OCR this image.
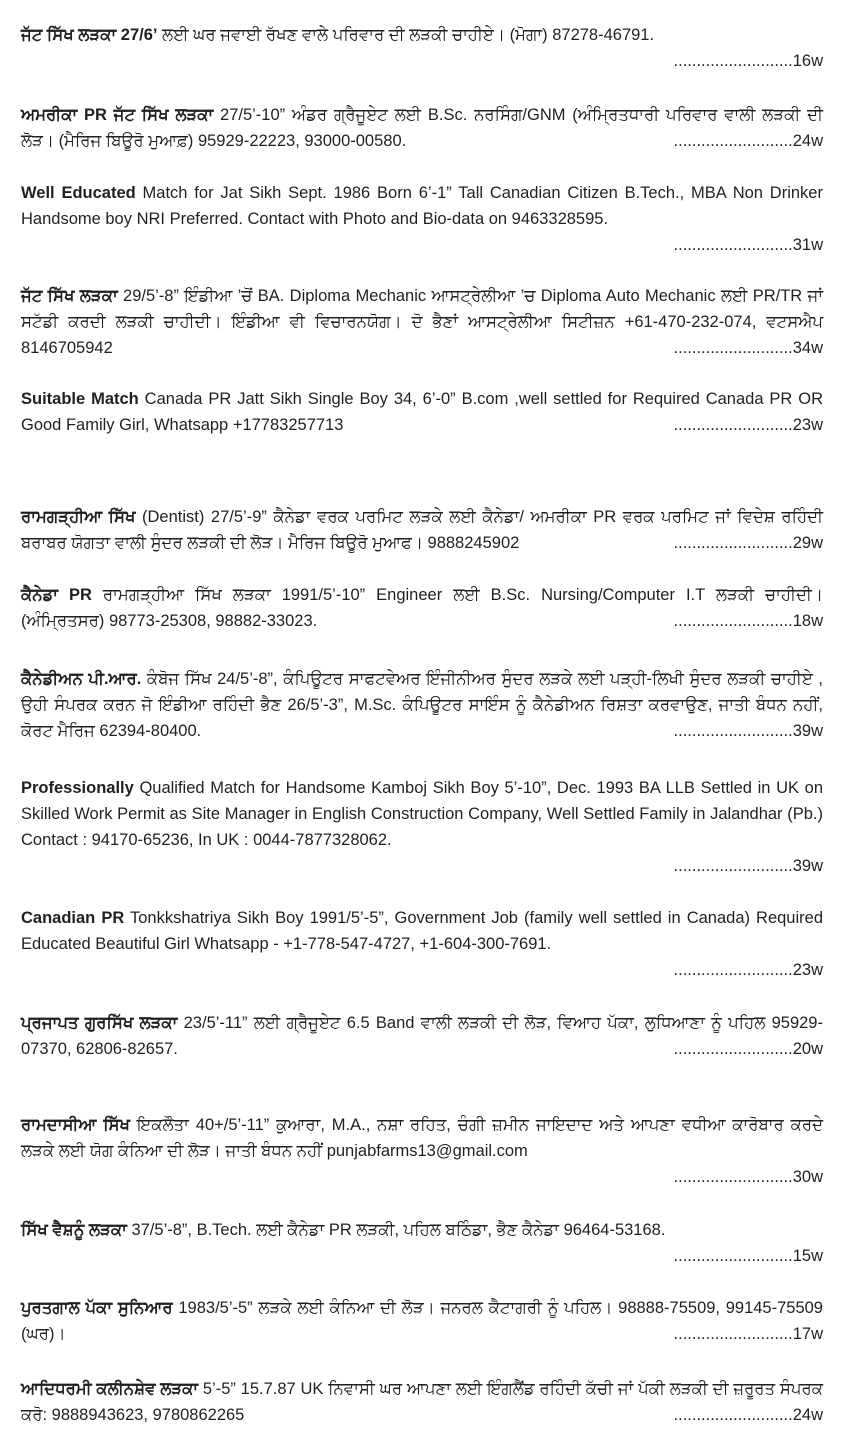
ਜੱਟ ਸਿੱਖ ਲੜਕਾ 27/6’ ਲਈ ਘਰ ਜਵਾਈ ਰੱਖਣ ਵਾਲੇ ਪਰਿਵਾਰ ਦੀ ਲੜਕੀ ਚਾਹੀਏ। (ਮੋਗਾ) 87278-46791.
..........................16w
ਅਮਰੀਕਾ PR ਜੱਟ ਸਿੱਖ ਲੜਕਾ 27/5’-10” ਅੰਡਰ ਗ੍ਰੈਜੂਏਟ ਲਈ B.Sc. ਨਰਸਿੰਗ/GNM (ਅੰਮ੍ਰਿਤਧਾਰੀ ਪਰਿਵਾਰ ਵਾਲੀ ਲੜਕੀ ਦੀ ਲੋੜ। (ਮੈਰਿਜ ਬਿਊਰੋ ਮੁਆਫ਼) 95929-22223, 93000-00580.	..........................24w
Well Educated Match for Jat Sikh Sept. 1986 Born 6’-1” Tall Canadian Citizen B.Tech., MBA Non Drinker Handsome boy NRI Preferred. Contact with Photo and Bio-data on 9463328595.
..........................31w
ਜੱਟ ਸਿੱਖ ਲੜਕਾ 29/5’-8” ਇੰਡੀਆ ’ਚੋਂ BA. Diploma Mechanic ਆਸਟ੍ਰੇਲੀਆ ’ਚ Diploma Auto Mechanic ਲਈ PR/TR ਜਾਂ ਸਟੱਡੀ ਕਰਦੀ ਲੜਕੀ ਚਾਹੀਦੀ। ਇੰਡੀਆ ਵੀ ਵਿਚਾਰਨਯੋਗ। ਦੋ ਭੈਣਾਂ ਆਸਟ੍ਰੇਲੀਆ ਸਿਟੀਜ਼ਨ +61-470-232-074, ਵਟਸਐਪ 8146705942	..........................34w
Suitable Match Canada PR Jatt Sikh Single Boy 34, 6’-0” B.com ,well settled for Required Canada PR OR Good Family Girl, Whatsapp +17783257713	..........................23w
ਰਾਮਗੜ੍ਹੀਆ ਸਿੱਖ (Dentist) 27/5’-9” ਕੈਨੇਡਾ ਵਰਕ ਪਰਮਿਟ ਲੜਕੇ ਲਈ ਕੈਨੇਡਾ/ ਅਮਰੀਕਾ PR ਵਰਕ ਪਰਮਿਟ ਜਾਂ ਵਿਦੇਸ਼ ਰਹਿੰਦੀ ਬਰਾਬਰ ਯੋਗਤਾ ਵਾਲੀ ਸੁੰਦਰ ਲੜਕੀ ਦੀ ਲੋੜ। ਮੈਰਿਜ ਬਿਊਰੋ ਮੁਆਫ। 9888245902	..........................29w
ਕੈਨੇਡਾ PR ਰਾਮਗੜ੍ਹੀਆ ਸਿੱਖ ਲੜਕਾ 1991/5’-10” Engineer ਲਈ B.Sc. Nursing/Computer I.T ਲੜਕੀ ਚਾਹੀਦੀ। (ਅੰਮ੍ਰਿਤਸਰ) 98773-25308, 98882-33023.	..........................18w
ਕੈਨੇਡੀਅਨ ਪੀ.ਆਰ. ਕੰਬੋਜ ਸਿੱਖ 24/5’-8”, ਕੰਪਿਊਟਰ ਸਾਫਟਵੇਅਰ ਇੰਜੀਨੀਅਰ ਸੁੰਦਰ ਲੜਕੇ ਲਈ ਪੜ੍ਹੀ-ਲਿਖੀ ਸੁੰਦਰ ਲੜਕੀ ਚਾਹੀਏ , ਉਹੀ ਸੰਪਰਕ ਕਰਨ ਜੋ ਇੰਡੀਆ ਰਹਿੰਦੀ ਭੈਣ 26/5’-3”, M.Sc. ਕੰਪਿਊਟਰ ਸਾਇੰਸ ਨੂੰ ਕੈਨੇਡੀਅਨ ਰਿਸ਼ਤਾ ਕਰਵਾਉਣ, ਜਾਤੀ ਬੰਧਨ ਨਹੀਂ, ਕੋਰਟ ਮੈਰਿਜ 62394-80400.	..........................39w
Professionally Qualified Match for Handsome Kamboj Sikh Boy 5’-10”, Dec. 1993 BA LLB Settled in UK on Skilled Work Permit as Site Manager in English Construction Company, Well Settled Family in Jalandhar (Pb.) Contact : 94170-65236, In UK : 0044-7877328062.
..........................39w
Canadian PR Tonkkshatriya Sikh Boy 1991/5’-5”, Government Job (family well settled in Canada) Required Educated Beautiful Girl Whatsapp - +1-778-547-4727, +1-604-300-7691.
..........................23w
ਪ੍ਰਜਾਪਤ ਗੁਰਸਿੱਖ ਲੜਕਾ 23/5’-11” ਲਈ ਗ੍ਰੈਜੂਏਟ 6.5 Band ਵਾਲੀ ਲੜਕੀ ਦੀ ਲੋੜ, ਵਿਆਹ ਪੱਕਾ, ਲੁਧਿਆਣਾ ਨੂੰ ਪਹਿਲ 95929-07370, 62806-82657.	..........................20w
ਰਾਮਦਾਸੀਆ ਸਿੱਖ ਇਕਲੌਤਾ 40+/5’-11” ਕੁਆਰਾ, M.A., ਨਸ਼ਾ ਰਹਿਤ, ਚੰਗੀ ਜ਼ਮੀਨ ਜਾਇਦਾਦ ਅਤੇ ਆਪਣਾ ਵਧੀਆ ਕਾਰੋਬਾਰ ਕਰਦੇ ਲੜਕੇ ਲਈ ਯੋਗ ਕੰਨਿਆ ਦੀ ਲੋੜ। ਜਾਤੀ ਬੰਧਨ ਨਹੀਂ punjabfarms13@gmail.com
..........................30w
ਸਿੱਖ ਵੈਸ਼ਨੂੰ ਲੜਕਾ 37/5’-8”, B.Tech. ਲਈ ਕੈਨੇਡਾ PR ਲੜਕੀ, ਪਹਿਲ ਬਠਿੰਡਾ, ਭੈਣ ਕੈਨੇਡਾ 96464-53168.
..........................15w
ਪੁਰਤਗਾਲ ਪੱਕਾ ਸੁਨਿਆਰ 1983/5’-5” ਲੜਕੇ ਲਈ ਕੰਨਿਆ ਦੀ ਲੋੜ। ਜਨਰਲ ਕੈਟਾਗਰੀ ਨੂੰ ਪਹਿਲ। 98888-75509, 99145-75509 (ਘਰ)।	..........................17w
ਆਦਿਧਰਮੀ ਕਲੀਨਸ਼ੇਵ ਲੜਕਾ 5’-5” 15.7.87 UK ਨਿਵਾਸੀ ਘਰ ਆਪਣਾ ਲਈ ਇੰਗਲੈਂਡ ਰਹਿੰਦੀ ਕੱਚੀ ਜਾਂ ਪੱਕੀ ਲੜਕੀ ਦੀ ਜ਼ਰੂਰਤ ਸੰਪਰਕ ਕਰੋ: 9888943623, 9780862265	..........................24w
